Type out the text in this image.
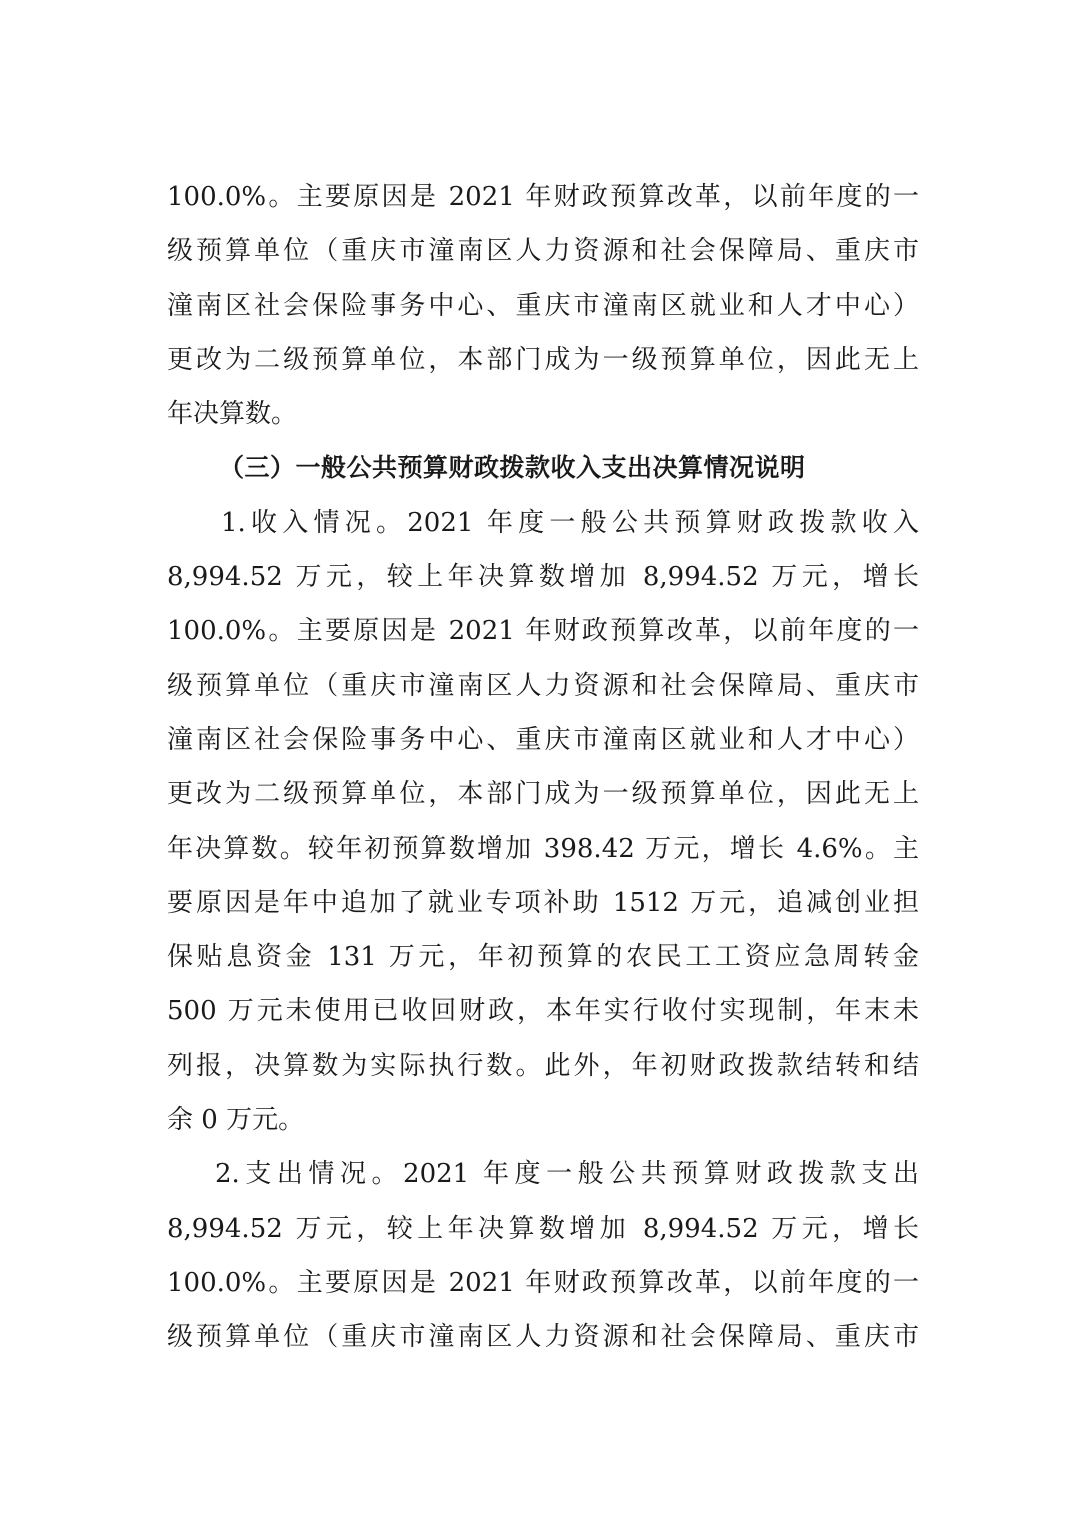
100.0%。主要原因是 2021 年财政预算改革，以前年度的一
级预算单位（重庆市潼南区人力资源和社会保障局、重庆市
潼南区社会保险事务中心、重庆市潼南区就业和人才中心）
更改为二级预算单位，本部门成为一级预算单位，因此无上
年决算数。
（三）一般公共预算财政拨款收入支出决算情况说明
1.收入情况。2021 年度一般公共预算财政拨款收入
8,994.52 万元，较上年决算数增加 8,994.52 万元，增长
100.0%。主要原因是 2021 年财政预算改革，以前年度的一
级预算单位（重庆市潼南区人力资源和社会保障局、重庆市
潼南区社会保险事务中心、重庆市潼南区就业和人才中心）
更改为二级预算单位，本部门成为一级预算单位，因此无上
年决算数。较年初预算数增加 398.42 万元，增长 4.6%。主
要原因是年中追加了就业专项补助 1512 万元，追减创业担
保贴息资金 131 万元，年初预算的农民工工资应急周转金
500 万元未使用已收回财政，本年实行收付实现制，年末未
列报，决算数为实际执行数。此外，年初财政拨款结转和结
余 0 万元。
2.支出情况。2021 年度一般公共预算财政拨款支出
8,994.52 万元，较上年决算数增加 8,994.52 万元，增长
100.0%。主要原因是 2021 年财政预算改革，以前年度的一
级预算单位（重庆市潼南区人力资源和社会保障局、重庆市
